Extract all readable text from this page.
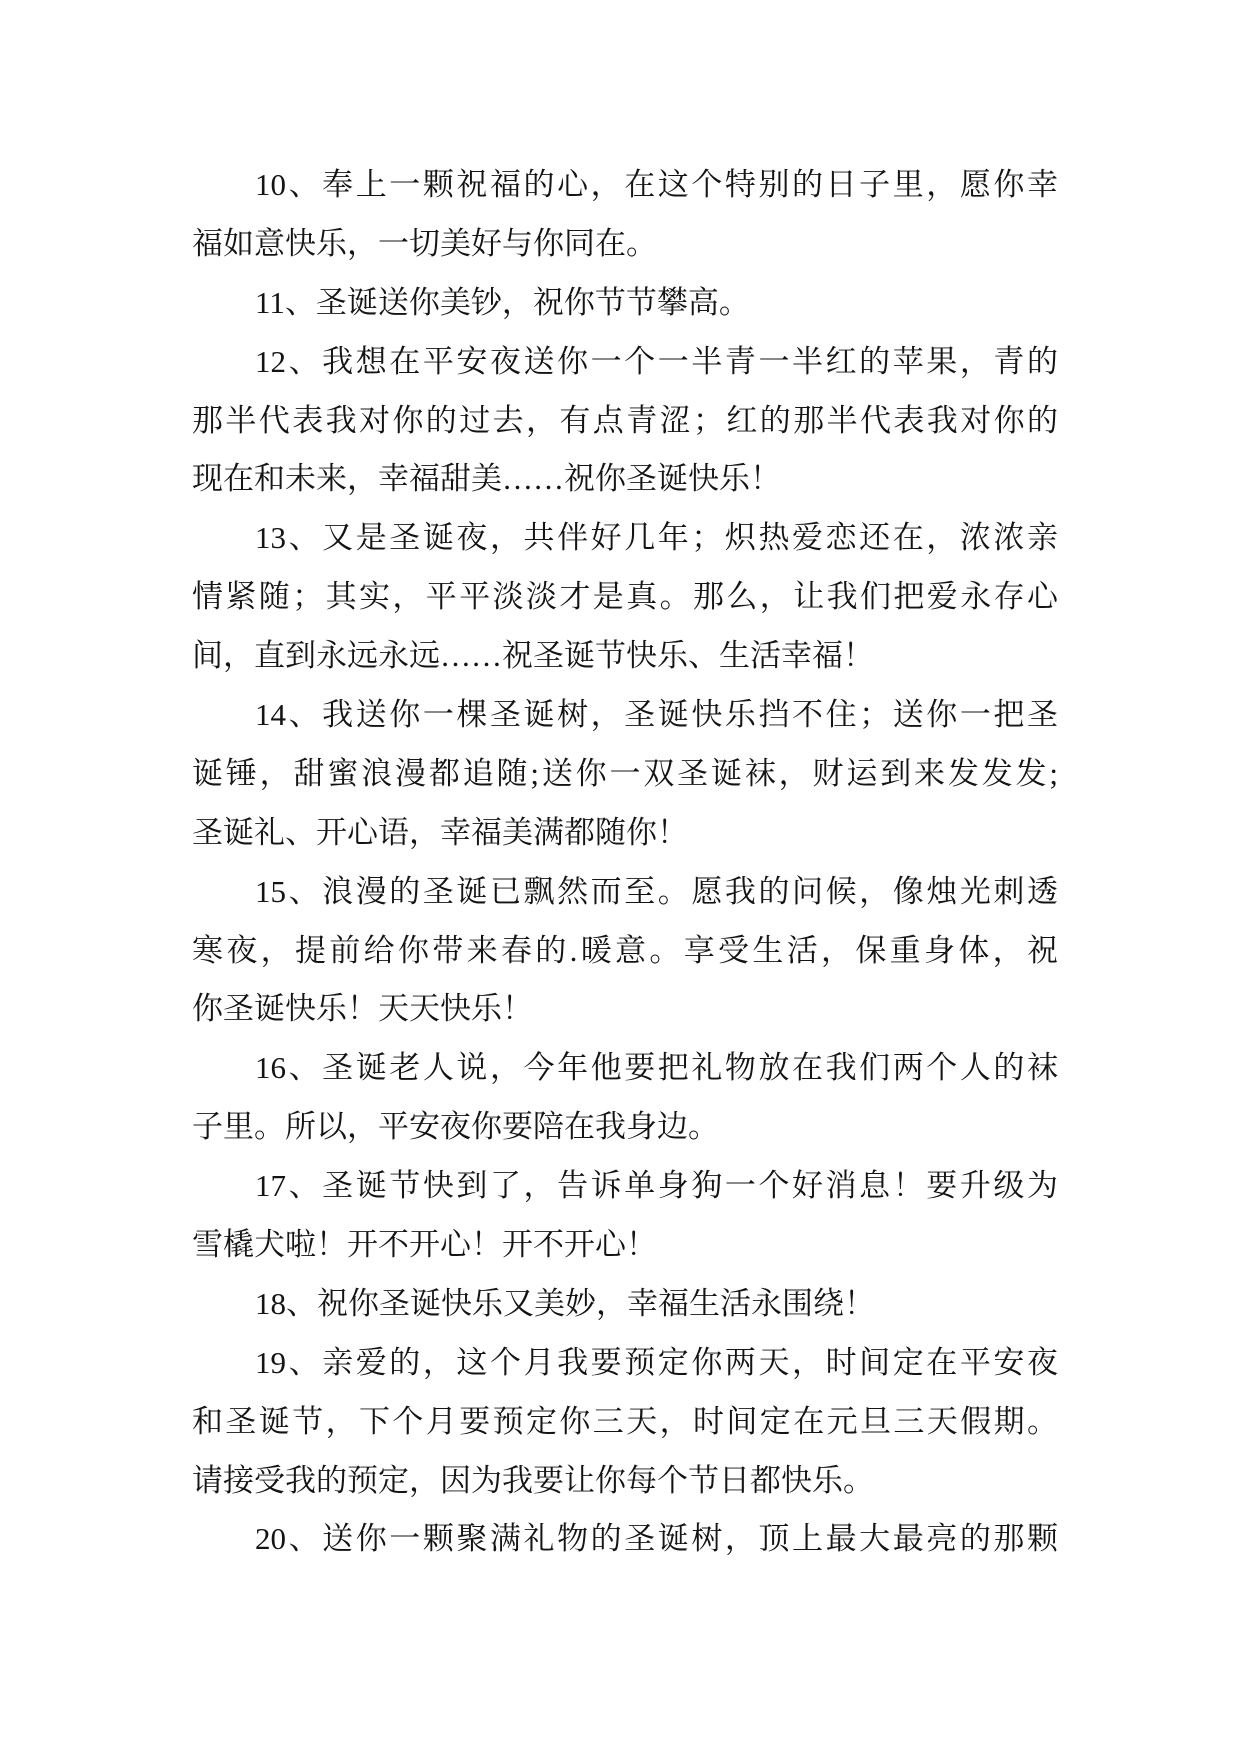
10、奉上一颗祝福的心，在这个特别的日子里，愿你幸
福如意快乐，一切美好与你同在。
11、圣诞送你美钞，祝你节节攀高。
12、我想在平安夜送你一个一半青一半红的苹果，青的
那半代表我对你的过去，有点青涩；红的那半代表我对你的
现在和未来，幸福甜美……祝你圣诞快乐！
13、又是圣诞夜，共伴好几年；炽热爱恋还在，浓浓亲
情紧随；其实，平平淡淡才是真。那么，让我们把爱永存心
间，直到永远永远……祝圣诞节快乐、生活幸福！
14、我送你一棵圣诞树，圣诞快乐挡不住；送你一把圣
诞锤，甜蜜浪漫都追随;送你一双圣诞袜，财运到来发发发;
圣诞礼、开心语，幸福美满都随你！
15、浪漫的圣诞已飘然而至。愿我的问候，像烛光刺透
寒夜，提前给你带来春的.暖意。享受生活，保重身体，祝
你圣诞快乐！天天快乐！
16、圣诞老人说，今年他要把礼物放在我们两个人的袜
子里。所以，平安夜你要陪在我身边。
17、圣诞节快到了，告诉单身狗一个好消息！要升级为
雪橇犬啦！开不开心！开不开心！
18、祝你圣诞快乐又美妙，幸福生活永围绕！
19、亲爱的，这个月我要预定你两天，时间定在平安夜
和圣诞节，下个月要预定你三天，时间定在元旦三天假期。
请接受我的预定，因为我要让你每个节日都快乐。
20、送你一颗聚满礼物的圣诞树，顶上最大最亮的那颗
